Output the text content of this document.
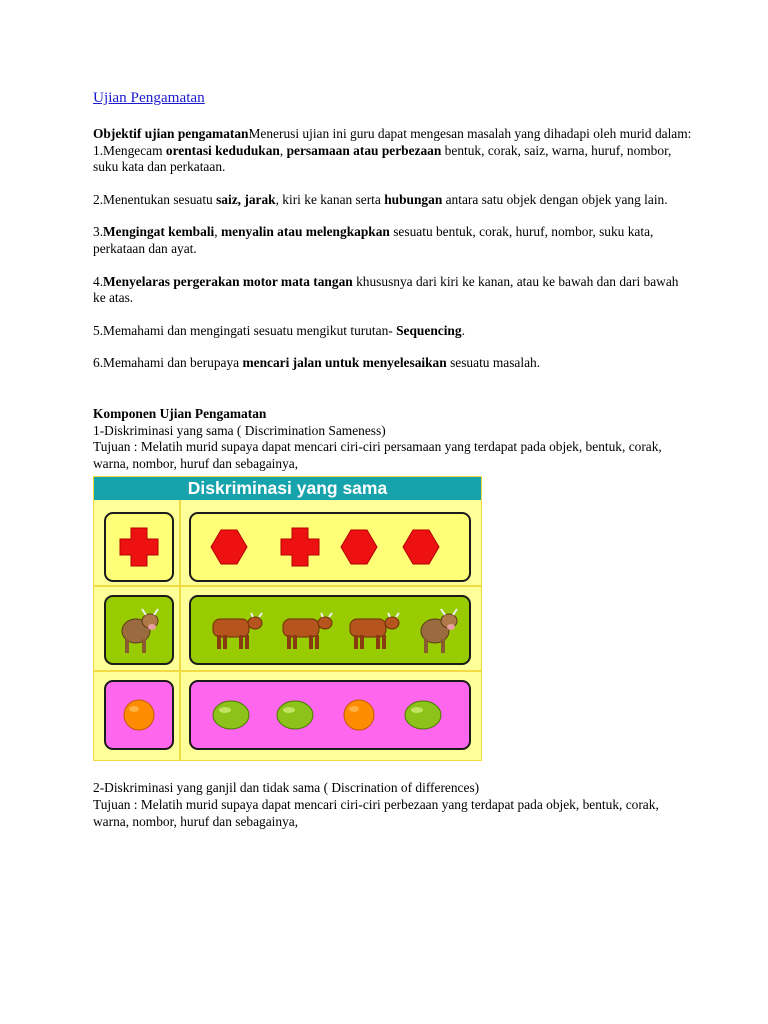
Ujian Pengamatan

Objektif ujian pengamatanMenerusi ujian ini guru dapat mengesan masalah yang dihadapi oleh murid dalam:

1.Mengecam orentasi kedudukan, persamaan atau perbezaan bentuk, corak, saiz, warna, huruf, nombor, suku kata dan perkataan.

2.Menentukan sesuatu saiz, jarak, kiri ke kanan serta hubungan antara satu objek dengan objek yang lain.

3.Mengingat kembali, menyalin atau melengkapkan sesuatu bentuk, corak, huruf, nombor, suku kata, perkataan dan ayat.

4.Menyelaras pergerakan motor mata tangan khususnya dari kiri ke kanan, atau ke bawah dan dari bawah ke atas.

5.Memahami dan mengingati sesuatu mengikut turutan- Sequencing.

6.Memahami dan berupaya mencari jalan untuk menyelesaikan sesuatu masalah.

Komponen Ujian Pengamatan

1-Diskriminasi yang sama ( Discrimination Sameness)

Tujuan : Melatih murid supaya dapat mencari ciri-ciri persamaan yang terdapat pada objek, bentuk, corak, warna, nombor, huruf dan sebagainya,

Diskriminasi yang sama

2-Diskriminasi yang ganjil dan tidak sama ( Discrination of differences)

Tujuan : Melatih murid supaya dapat mencari ciri-ciri perbezaan yang terdapat pada objek, bentuk, corak, warna, nombor, huruf dan sebagainya,
